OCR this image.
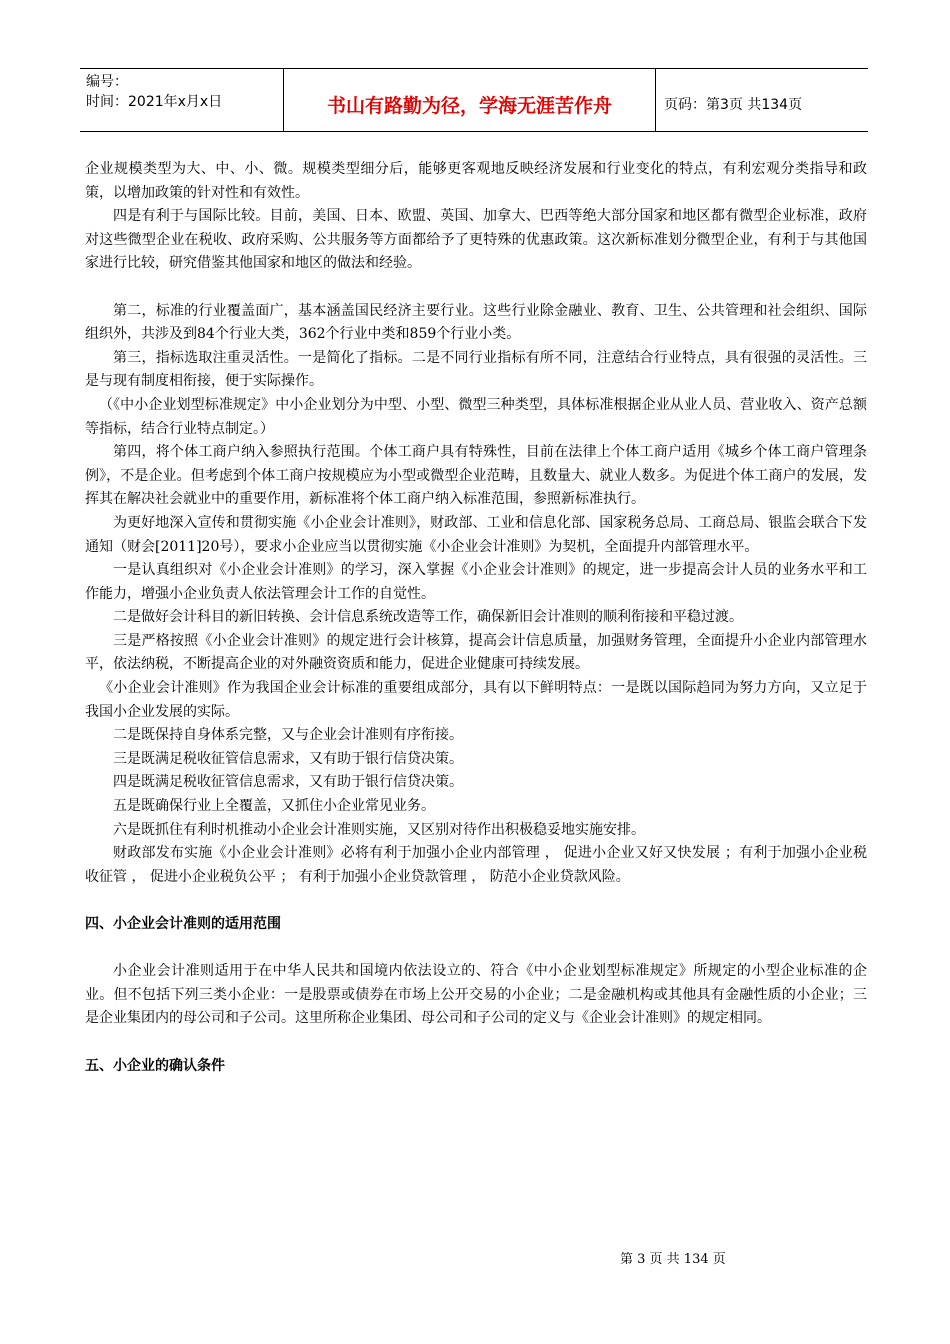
编号：
时间：2021年x月x日	书山有路勤为径，学海无涯苦作舟	页码：第3页 共134页

企业规模类型为大、中、小、微。规模类型细分后，能够更客观地反映经济发展和行业变化的特点，有利宏观分类指导和政策，以增加政策的针对性和有效性。

四是有利于与国际比较。目前，美国、日本、欧盟、英国、加拿大、巴西等绝大部分国家和地区都有微型企业标准，政府对这些微型企业在税收、政府采购、公共服务等方面都给予了更特殊的优惠政策。这次新标准划分微型企业，有利于与其他国家进行比较，研究借鉴其他国家和地区的做法和经验。

第二，标准的行业覆盖面广，基本涵盖国民经济主要行业。这些行业除金融业、教育、卫生、公共管理和社会组织、国际组织外，共涉及到84个行业大类，362个行业中类和859个行业小类。

第三，指标选取注重灵活性。一是简化了指标。二是不同行业指标有所不同，注意结合行业特点，具有很强的灵活性。三是与现有制度相衔接，便于实际操作。

（《中小企业划型标准规定》中小企业划分为中型、小型、微型三种类型，具体标准根据企业从业人员、营业收入、资产总额等指标，结合行业特点制定。）

第四，将个体工商户纳入参照执行范围。个体工商户具有特殊性，目前在法律上个体工商户适用《城乡个体工商户管理条例》，不是企业。但考虑到个体工商户按规模应为小型或微型企业范畴，且数量大、就业人数多。为促进个体工商户的发展，发挥其在解决社会就业中的重要作用，新标准将个体工商户纳入标准范围，参照新标准执行。

为更好地深入宣传和贯彻实施《小企业会计准则》，财政部、工业和信息化部、国家税务总局、工商总局、银监会联合下发通知（财会[2011]20号），要求小企业应当以贯彻实施《小企业会计准则》为契机，全面提升内部管理水平。

一是认真组织对《小企业会计准则》的学习，深入掌握《小企业会计准则》的规定，进一步提高会计人员的业务水平和工作能力，增强小企业负责人依法管理会计工作的自觉性。

二是做好会计科目的新旧转换、会计信息系统改造等工作，确保新旧会计准则的顺利衔接和平稳过渡。

三是严格按照《小企业会计准则》的规定进行会计核算，提高会计信息质量，加强财务管理，全面提升小企业内部管理水平，依法纳税，不断提高企业的对外融资资质和能力，促进企业健康可持续发展。

《小企业会计准则》作为我国企业会计标准的重要组成部分，具有以下鲜明特点：一是既以国际趋同为努力方向，又立足于我国小企业发展的实际。

二是既保持自身体系完整，又与企业会计准则有序衔接。

三是既满足税收征管信息需求，又有助于银行信贷决策。

四是既满足税收征管信息需求，又有助于银行信贷决策。

五是既确保行业上全覆盖，又抓住小企业常见业务。

六是既抓住有利时机推动小企业会计准则实施，又区别对待作出积极稳妥地实施安排。

财政部发布实施《小企业会计准则》必将有利于加强小企业内部管理 ， 促进小企业又好又快发展 ；有利于加强小企业税收征管 ， 促进小企业税负公平 ； 有利于加强小企业贷款管理 ， 防范小企业贷款风险。

四、小企业会计准则的适用范围

小企业会计准则适用于在中华人民共和国境内依法设立的、符合《中小企业划型标准规定》所规定的小型企业标准的企业。但不包括下列三类小企业：一是股票或债券在市场上公开交易的小企业；二是金融机构或其他具有金融性质的小企业；三是企业集团内的母公司和子公司。这里所称企业集团、母公司和子公司的定义与《企业会计准则》的规定相同。

五、小企业的确认条件

第 3 页 共 134 页
